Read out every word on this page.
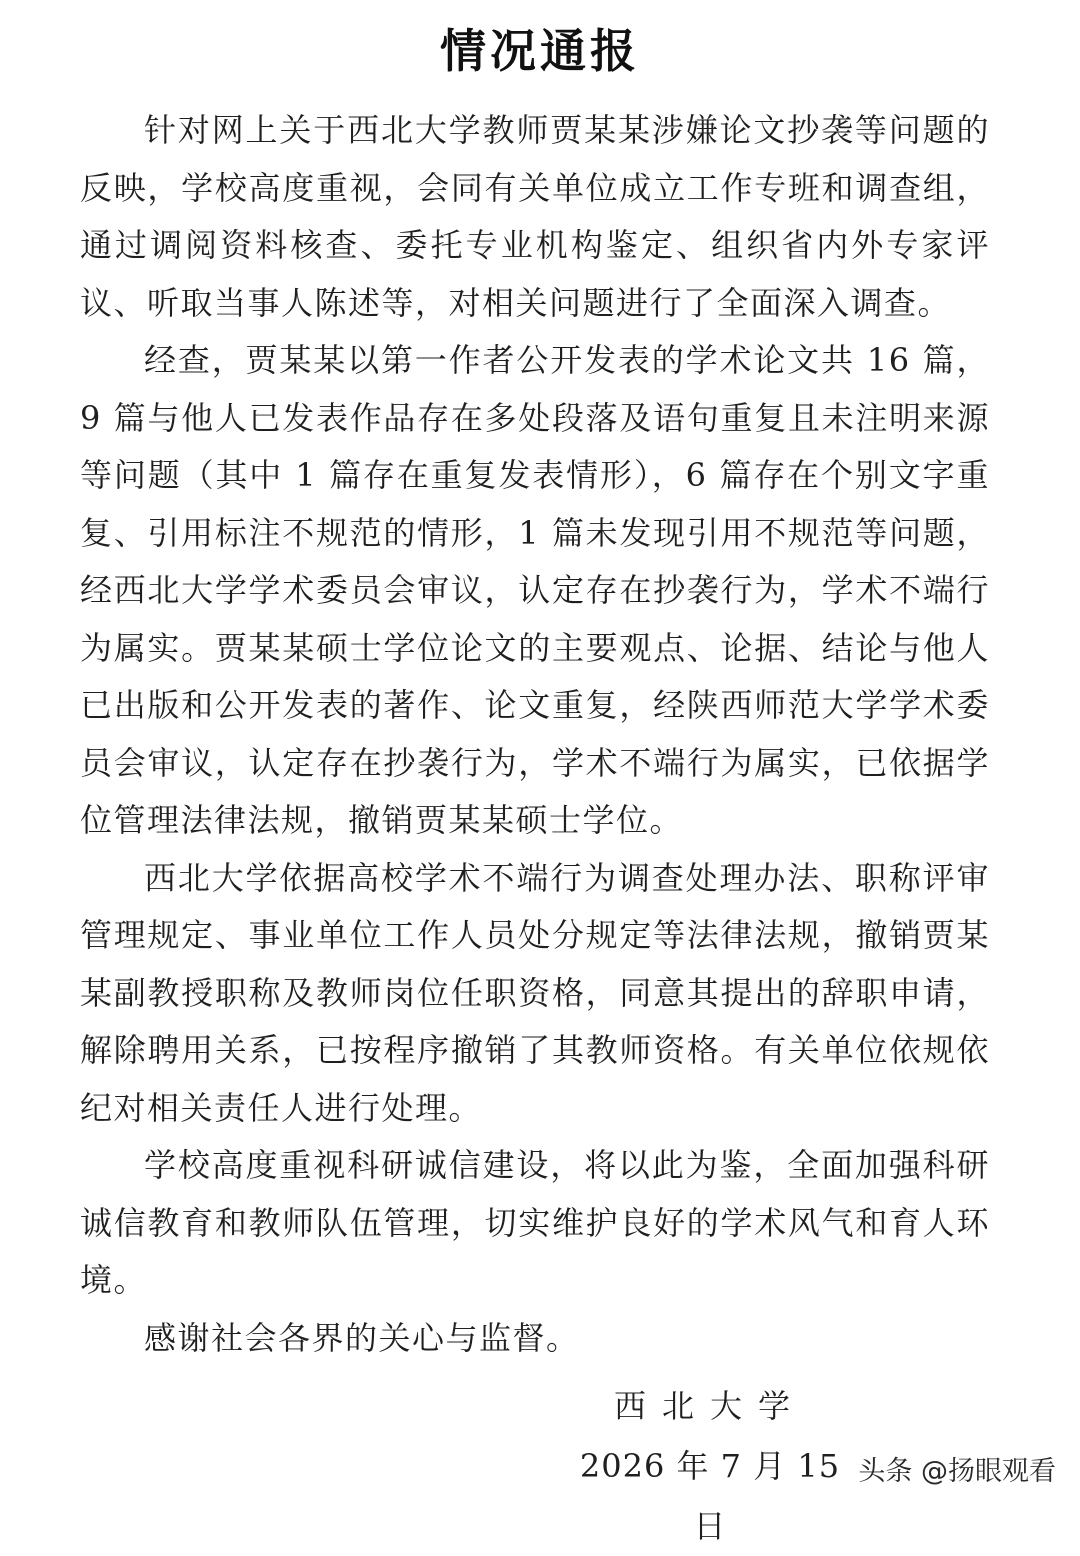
情况通报

针对网上关于西北大学教师贾某某涉嫌论文抄袭等问题的反映，学校高度重视，会同有关单位成立工作专班和调查组，通过调阅资料核查、委托专业机构鉴定、组织省内外专家评议、听取当事人陈述等，对相关问题进行了全面深入调查。

经查，贾某某以第一作者公开发表的学术论文共 16 篇，9 篇与他人已发表作品存在多处段落及语句重复且未注明来源等问题（其中 1 篇存在重复发表情形），6 篇存在个别文字重复、引用标注不规范的情形，1 篇未发现引用不规范等问题，经西北大学学术委员会审议，认定存在抄袭行为，学术不端行为属实。贾某某硕士学位论文的主要观点、论据、结论与他人已出版和公开发表的著作、论文重复，经陕西师范大学学术委员会审议，认定存在抄袭行为，学术不端行为属实，已依据学位管理法律法规，撤销贾某某硕士学位。

西北大学依据高校学术不端行为调查处理办法、职称评审管理规定、事业单位工作人员处分规定等法律法规，撤销贾某某副教授职称及教师岗位任职资格，同意其提出的辞职申请，解除聘用关系，已按程序撤销了其教师资格。有关单位依规依纪对相关责任人进行处理。

学校高度重视科研诚信建设，将以此为鉴，全面加强科研诚信教育和教师队伍管理，切实维护良好的学术风气和育人环境。

感谢社会各界的关心与监督。

西北大学
2026 年 7 月 15 日
头条 @扬眼观看
